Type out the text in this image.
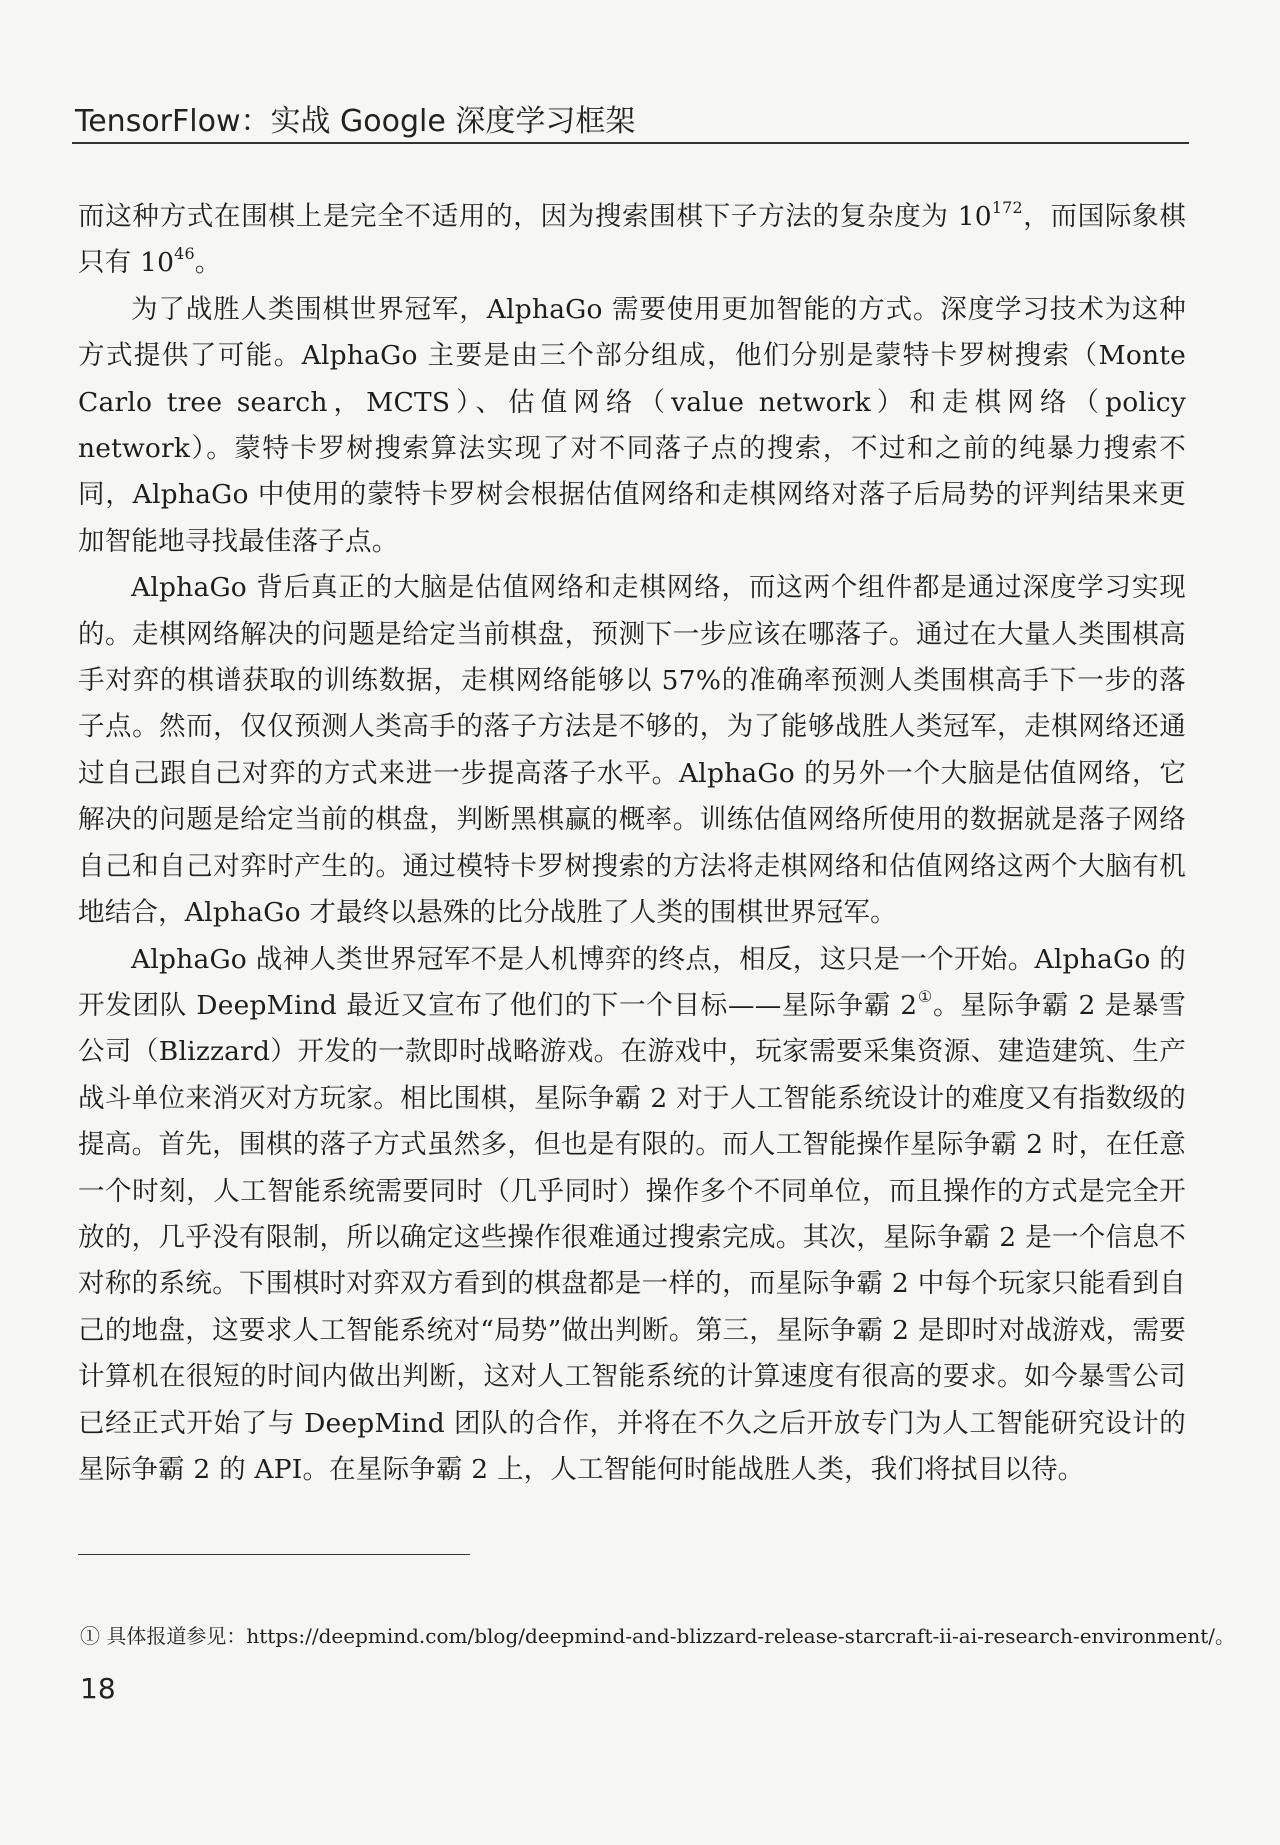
TensorFlow：实战 Google 深度学习框架

而这种方式在围棋上是完全不适用的，因为搜索围棋下子方法的复杂度为 $10^{172}$，而国际象棋只有 $10^{46}$。

为了战胜人类围棋世界冠军，AlphaGo 需要使用更加智能的方式。深度学习技术为这种方式提供了可能。AlphaGo 主要是由三个部分组成，他们分别是蒙特卡罗树搜索（Monte Carlo tree search，MCTS）、估值网络（value network）和走棋网络（policy network）。蒙特卡罗树搜索算法实现了对不同落子点的搜索，不过和之前的纯暴力搜索不同，AlphaGo 中使用的蒙特卡罗树会根据估值网络和走棋网络对落子后局势的评判结果来更加智能地寻找最佳落子点。

AlphaGo 背后真正的大脑是估值网络和走棋网络，而这两个组件都是通过深度学习实现的。走棋网络解决的问题是给定当前棋盘，预测下一步应该在哪落子。通过在大量人类围棋高手对弈的棋谱获取的训练数据，走棋网络能够以 57%的准确率预测人类围棋高手下一步的落子点。然而，仅仅预测人类高手的落子方法是不够的，为了能够战胜人类冠军，走棋网络还通过自己跟自己对弈的方式来进一步提高落子水平。AlphaGo 的另外一个大脑是估值网络，它解决的问题是给定当前的棋盘，判断黑棋赢的概率。训练估值网络所使用的数据就是落子网络自己和自己对弈时产生的。通过模特卡罗树搜索的方法将走棋网络和估值网络这两个大脑有机地结合，AlphaGo 才最终以悬殊的比分战胜了人类的围棋世界冠军。

AlphaGo 战神人类世界冠军不是人机博弈的终点，相反，这只是一个开始。AlphaGo 的开发团队 DeepMind 最近又宣布了他们的下一个目标——星际争霸 2①。星际争霸 2 是暴雪公司（Blizzard）开发的一款即时战略游戏。在游戏中，玩家需要采集资源、建造建筑、生产战斗单位来消灭对方玩家。相比围棋，星际争霸 2 对于人工智能系统设计的难度又有指数级的提高。首先，围棋的落子方式虽然多，但也是有限的。而人工智能操作星际争霸 2 时，在任意一个时刻，人工智能系统需要同时（几乎同时）操作多个不同单位，而且操作的方式是完全开放的，几乎没有限制，所以确定这些操作很难通过搜索完成。其次，星际争霸 2 是一个信息不对称的系统。下围棋时对弈双方看到的棋盘都是一样的，而星际争霸 2 中每个玩家只能看到自己的地盘，这要求人工智能系统对“局势”做出判断。第三，星际争霸 2 是即时对战游戏，需要计算机在很短的时间内做出判断，这对人工智能系统的计算速度有很高的要求。如今暴雪公司已经正式开始了与 DeepMind 团队的合作，并将在不久之后开放专门为人工智能研究设计的星际争霸 2 的 API。在星际争霸 2 上，人工智能何时能战胜人类，我们将拭目以待。

① 具体报道参见：https://deepmind.com/blog/deepmind-and-blizzard-release-starcraft-ii-ai-research-environment/。
18
